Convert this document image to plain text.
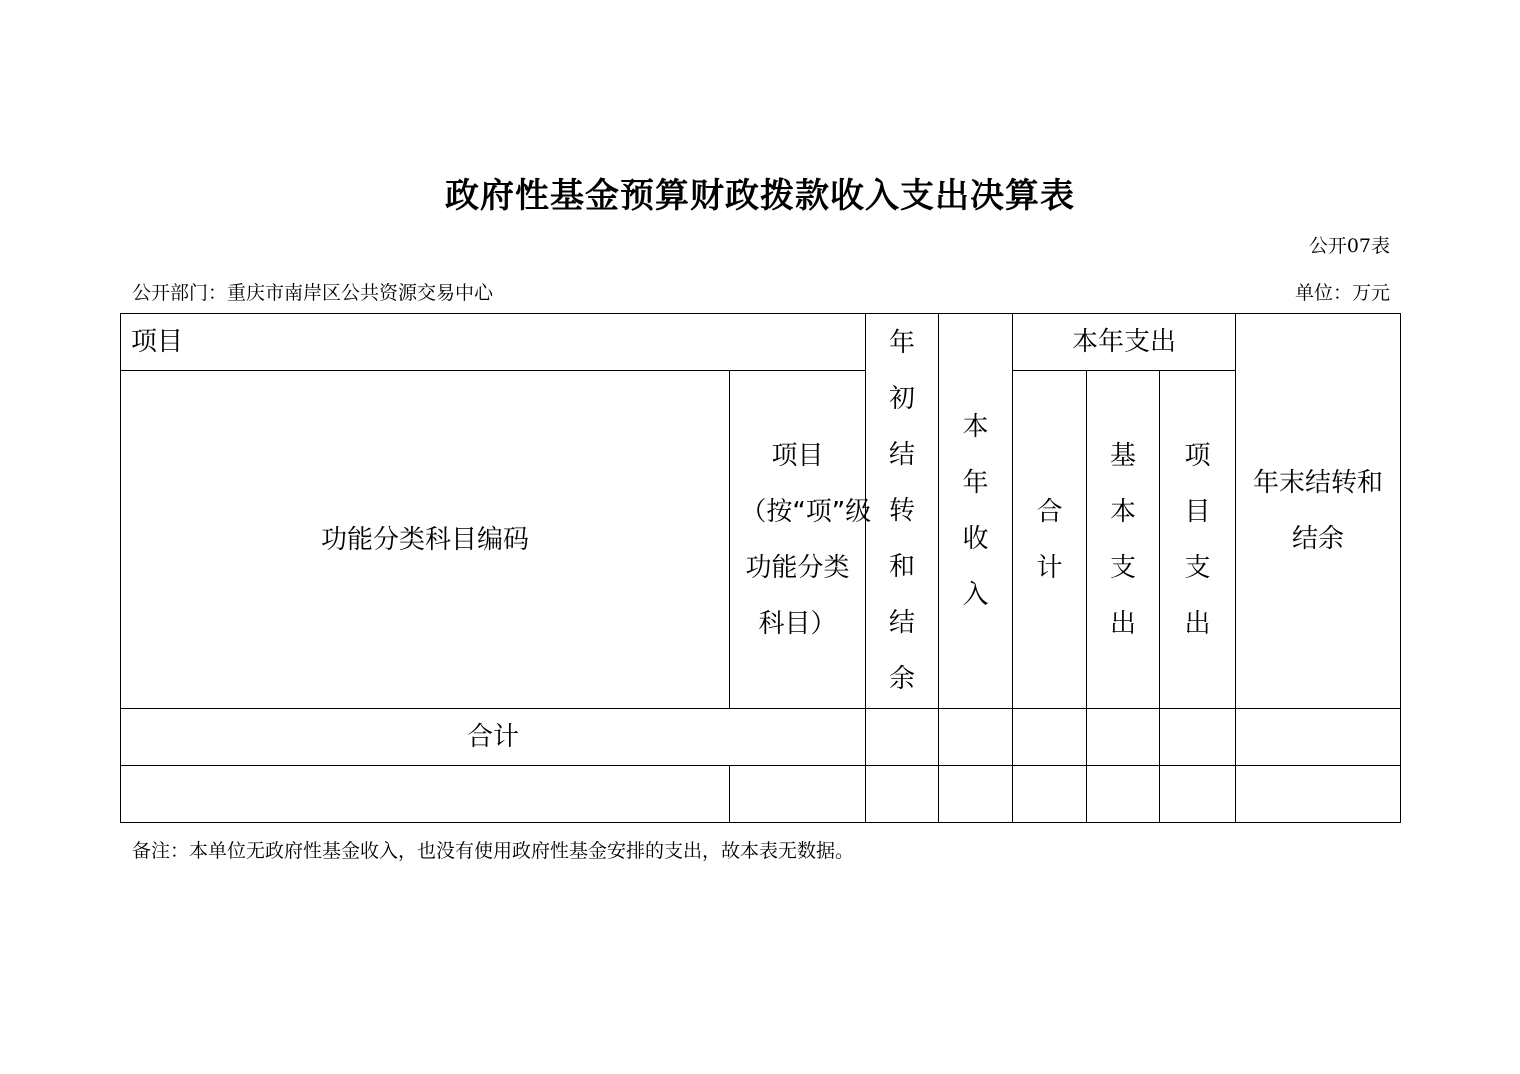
政府性基金预算财政拨款收入支出决算表
公开07表
公开部门：重庆市南岸区公共资源交易中心	单位：万元
项目		年初结转和结余	本年收入	本年支出			年末结转和结余
功能分类科目编码	项目（按“项”级功能分类科目）			合计	基本支出	项目支出	
合计							

备注：本单位无政府性基金收入，也没有使用政府性基金安排的支出，故本表无数据。
